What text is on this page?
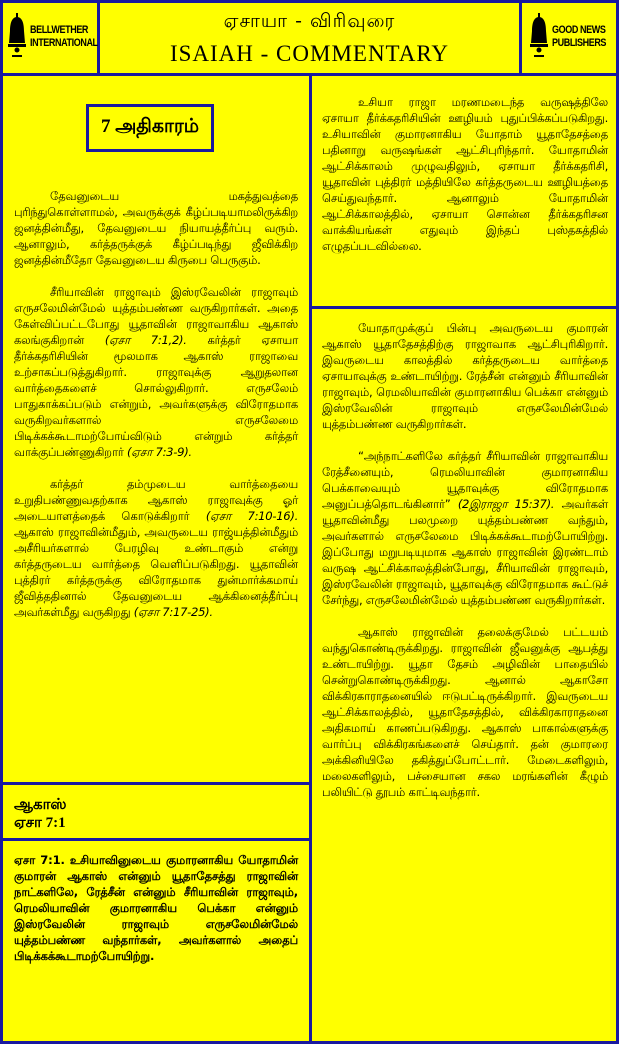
BELLWETHER
INTERNATIONAL
ஏசாயா - விரிவுரை
ISAIAH - COMMENTARY
GOOD NEWS
PUBLISHERS
7 அதிகாரம்

தேவனுடைய மகத்துவத்தை புரிந்துகொள்ளாமல், அவருக்குக் கீழ்ப்படியாமலிருக்கிற ஜனத்தின்மீது, தேவனுடைய நியாயத்தீர்ப்பு வரும். ஆனாலும், கர்த்தருக்குக் கீழ்ப்படிந்து ஜீவிக்கிற ஜனத்தின்மீதோ தேவனுடைய கிருபை பெருகும்.

சீரியாவின் ராஜாவும் இஸ்ரவேலின் ராஜாவும் எருசலேமின்மேல் யுத்தம்பண்ண வருகிறார்கள். அதை கேள்விப்பட்டபோது யூதாவின் ராஜாவாகிய ஆகாஸ் கலங்குகிறான் (ஏசா 7:1,2). கர்த்தர் ஏசாயா தீர்க்கதரிசியின் மூலமாக ஆகாஸ் ராஜாவை உற்சாகப்படுத்துகிறார். ராஜாவுக்கு ஆறுதலான வார்த்தைகளைச் சொல்லுகிறார். எருசலேம் பாதுகாக்கப்படும் என்றும், அவர்களுக்கு விரோதமாக வருகிறவர்களால் எருசலேமை பிடிக்கக்கூடாமற்போய்விடும் என்றும் கர்த்தர் வாக்குப்பண்ணுகிறார் (ஏசா 7:3-9).

கர்த்தர் தம்முடைய வார்த்தையை உறுதிபண்ணுவதற்காக ஆகாஸ் ராஜாவுக்கு ஓர் அடையாளத்தைக் கொடுக்கிறார் (ஏசா 7:10-16). ஆகாஸ் ராஜாவின்மீதும், அவருடைய ராஜ்யத்தின்மீதும் அசீரியர்களால் பேரழிவு உண்டாகும் என்று கர்த்தருடைய வார்த்தை வெளிப்படுகிறது. யூதாவின் புத்திரர் கர்த்தருக்கு விரோதமாக துன்மார்க்கமாய் ஜீவித்ததினால் தேவனுடைய ஆக்கினைத்தீர்ப்பு அவர்கள்மீது வருகிறது (ஏசா 7:17-25).

ஆகாஸ்
ஏசா 7:1
ஏசா 7:1. உசியாவினுடைய குமாரனாகிய யோதாமின் குமாரன் ஆகாஸ் என்னும் யூதாதேசத்து ராஜாவின் நாட்களிலே, ரேத்சீன் என்னும் சீரியாவின் ராஜாவும், ரெமலியாவின் குமாரனாகிய பெக்கா என்னும் இஸ்ரவேலின் ராஜாவும் எருசலேமின்மேல் யுத்தம்பண்ண வந்தார்கள், அவர்களால் அதைப் பிடிக்கக்கூடாமற்போயிற்று.

உசியா ராஜா மரணமடைந்த வருஷத்திலே ஏசாயா தீர்க்கதரிசியின் ஊழியம் புதுப்பிக்கப்படுகிறது. உசியாவின் குமாரனாகிய யோதாம் யூதாதேசத்தை பதினாறு வருஷங்கள் ஆட்சிபுரிந்தார். யோதாமின் ஆட்சிக்காலம் முழுவதிலும், ஏசாயா தீர்க்கதரிசி, யூதாவின் புத்திரர் மத்தியிலே கர்த்தருடைய ஊழியத்தை செய்துவந்தார். ஆனாலும் யோதாமின் ஆட்சிக்காலத்தில், ஏசாயா சொன்ன தீர்க்கதரிசன வாக்கியங்கள் எதுவும் இந்தப் புஸ்தகத்தில் எழுதப்படவில்லை.

யோதாமுக்குப் பின்பு அவருடைய குமாரன் ஆகாஸ் யூதாதேசத்திற்கு ராஜாவாக ஆட்சிபுரிகிறார். இவருடைய காலத்தில் கர்த்தருடைய வார்த்தை ஏசாயாவுக்கு உண்டாயிற்று. ரேத்சீன் என்னும் சீரியாவின் ராஜாவும், ரெமலியாவின் குமாரனாகிய பெக்கா என்னும் இஸ்ரவேலின் ராஜாவும் எருசலேமின்மேல் யுத்தம்பண்ண வருகிறார்கள்.

“அந்நாட்களிலே கர்த்தர் சீரியாவின் ராஜாவாகிய ரேத்சீனையும், ரெமலியாவின் குமாரனாகிய பெக்காவையும் யூதாவுக்கு விரோதமாக அனுப்பத்தொடங்கினார்” (2இராஜா 15:37). அவர்கள் யூதாவின்மீது பலமுறை யுத்தம்பண்ண வந்தும், அவர்களால் எருசலேமை பிடிக்கக்கூடாமற்போயிற்று. இப்போது மறுபடியுமாக ஆகாஸ் ராஜாவின் இரண்டாம் வருஷ ஆட்சிக்காலத்தின்போது, சீரியாவின் ராஜாவும், இஸ்ரவேலின் ராஜாவும், யூதாவுக்கு விரோதமாக கூட்டுச் சேர்ந்து, எருசலேமின்மேல் யுத்தம்பண்ண வருகிறார்கள்.

ஆகாஸ் ராஜாவின் தலைக்குமேல் பட்டயம் வந்துகொண்டிருக்கிறது. ராஜாவின் ஜீவனுக்கு ஆபத்து உண்டாயிற்று. யூதா தேசம் அழிவின் பாதையில் சென்றுகொண்டிருக்கிறது. ஆனால் ஆகாசோ விக்கிரகாராதனையில் ஈடுபட்டிருக்கிறார். இவருடைய ஆட்சிக்காலத்தில், யூதாதேசத்தில், விக்கிரகாராதனை அதிகமாய் காணப்படுகிறது. ஆகாஸ் பாகால்களுக்கு வார்ப்பு விக்கிரகங்களைச் செய்தார். தன் குமாரரை அக்கினியிலே தகித்துப்போட்டார். மேடைகளிலும், மலைகளிலும், பச்சையான சகல மரங்களின் கீழும் பலியிட்டு தூபம் காட்டிவந்தார்.
